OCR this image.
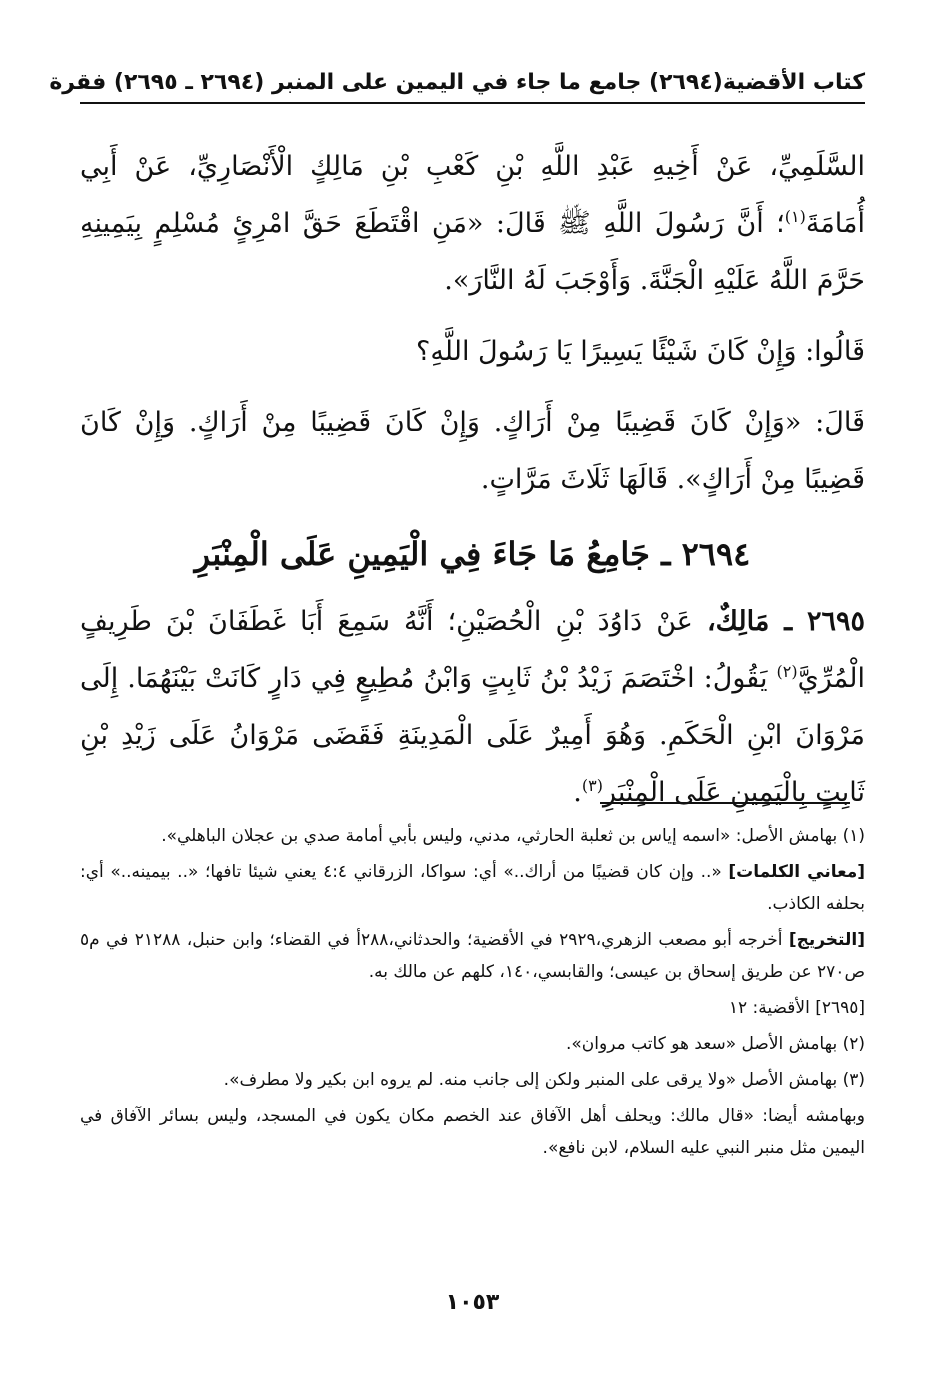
كتاب الأقضية
(٢٦٩٤) جامع ما جاء في اليمين على المنبر (٢٦٩٤ ـ ٢٦٩٥) فقرة

السَّلَمِيِّ، عَنْ أَخِيهِ عَبْدِ اللَّهِ بْنِ كَعْبِ بْنِ مَالِكٍ الْأَنْصَارِيِّ، عَنْ أَبِي أُمَامَةَ$^{(١)}$؛ أَنَّ رَسُولَ اللَّهِ ﷺ قَالَ: «مَنِ اقْتَطَعَ حَقَّ امْرِئٍ مُسْلِمٍ بِيَمِينِهِ حَرَّمَ اللَّهُ عَلَيْهِ الْجَنَّةَ. وَأَوْجَبَ لَهُ النَّارَ».

قَالُوا: وَإِنْ كَانَ شَيْئًا يَسِيرًا يَا رَسُولَ اللَّهِ؟

قَالَ: «وَإِنْ كَانَ قَضِيبًا مِنْ أَرَاكٍ. وَإِنْ كَانَ قَضِيبًا مِنْ أَرَاكٍ. وَإِنْ كَانَ قَضِيبًا مِنْ أَرَاكٍ». قَالَهَا ثَلَاثَ مَرَّاتٍ.

٢٦٩٤ ـ جَامِعُ مَا جَاءَ فِي الْيَمِينِ عَلَى الْمِنْبَرِ

٢٦٩٥ ـ مَالِكٌ، عَنْ دَاوُدَ بْنِ الْحُصَيْنِ؛ أَنَّهُ سَمِعَ أَبَا غَطَفَانَ بْنَ طَرِيفٍ الْمُرِّيَّ$^{(٢)}$ يَقُولُ: اخْتَصَمَ زَيْدُ بْنُ ثَابِتٍ وَابْنُ مُطِيعٍ فِي دَارٍ كَانَتْ بَيْنَهُمَا. إِلَى مَرْوَانَ ابْنِ الْحَكَمِ. وَهُوَ أَمِيرٌ عَلَى الْمَدِينَةِ فَقَضَى مَرْوَانُ عَلَى زَيْدِ بْنِ ثَابِتٍ بِالْيَمِينِ عَلَى الْمِنْبَرِ$^{(٣)}$.

(١) بهامش الأصل: «اسمه إياس بن ثعلبة الحارثي، مدني، وليس بأبي أمامة صدي بن عجلان الباهلي».

[معاني الكلمات] «.. وإن كان قضيبًا من أراك..» أي: سواكا، الزرقاني ٤:٤ يعني شيئا تافها؛ «.. بيمينه..» أي: بحلفه الكاذب.

[التخريج] أخرجه أبو مصعب الزهري،٢٩٢٩ في الأقضية؛ والحدثاني،٢٨٨أ في القضاء؛ وابن حنبل، ٢١٢٨٨ في م٥ ص٢٧٠ عن طريق إسحاق بن عيسى؛ والقابسي،١٤٠، كلهم عن مالك به.

[٢٦٩٥] الأقضية: ١٢

(٢) بهامش الأصل «سعد هو كاتب مروان».

(٣) بهامش الأصل «ولا يرقى على المنبر ولكن إلى جانب منه. لم يروه ابن بكير ولا مطرف».

وبهامشه أيضا: «قال مالك: ويحلف أهل الآفاق عند الخصم مكان يكون في المسجد، وليس بسائر الآفاق في اليمين مثل منبر النبي عليه السلام، لابن نافع».

١٠٥٣
